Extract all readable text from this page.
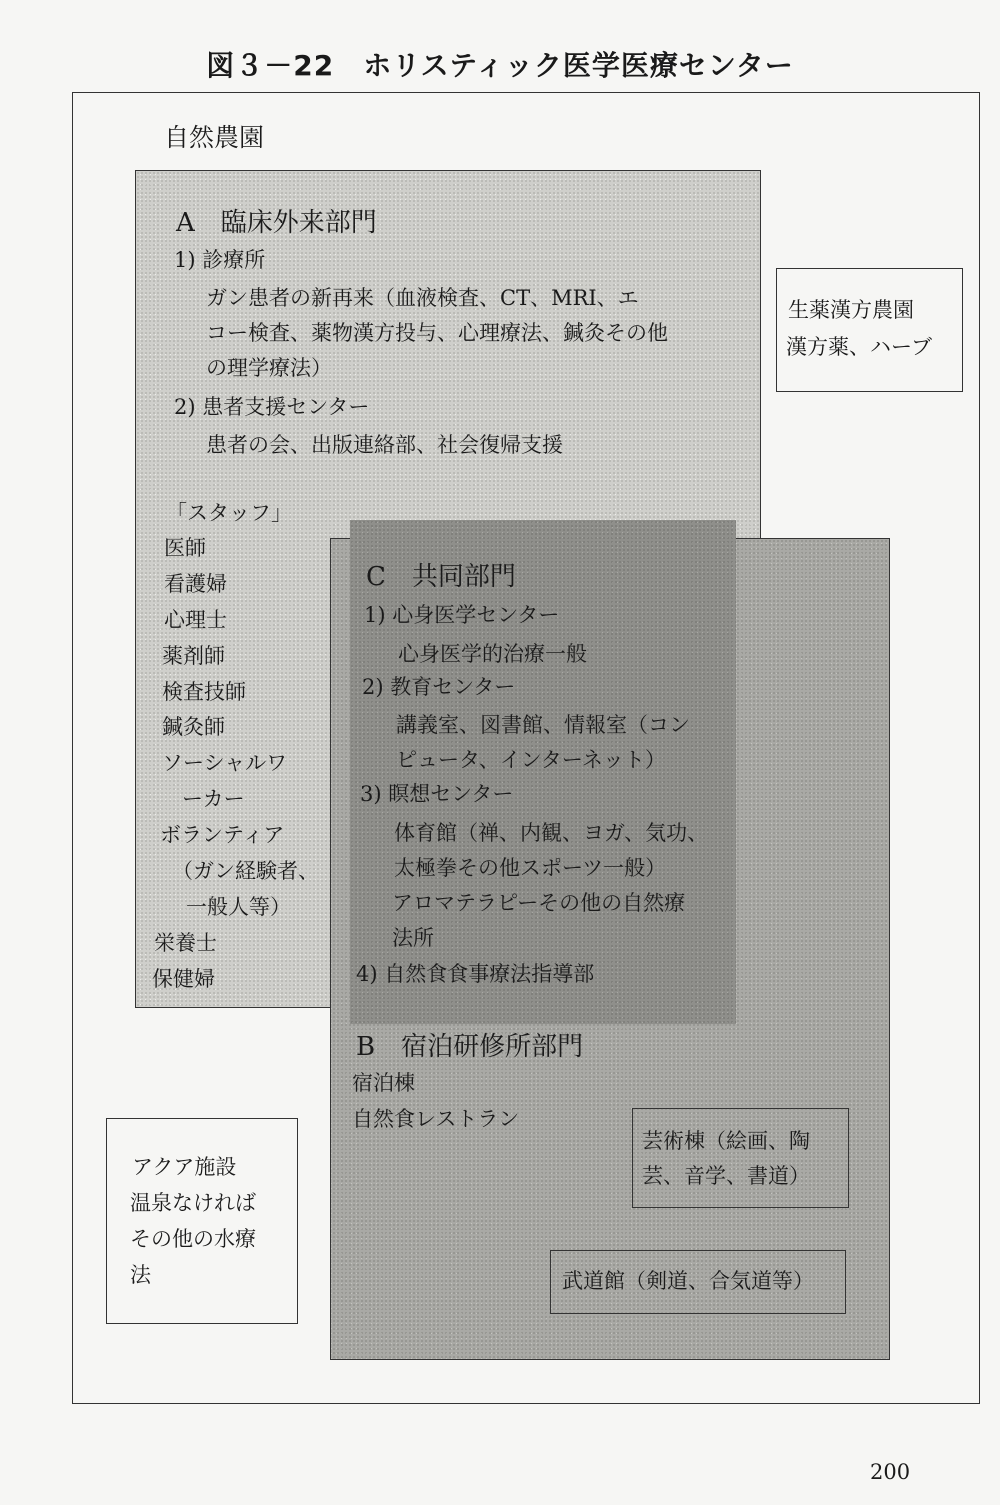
図３－22　ホリスティック医学医療センター
自然農園
A　臨床外来部門
1) 診療所
ガン患者の新再来（血液検査、CT、MRI、エ
コー検査、薬物漢方投与、心理療法、鍼灸その他
の理学療法）
2) 患者支援センター
患者の会、出版連絡部、社会復帰支援
「スタッフ」
医師
看護婦
心理士
薬剤師
検査技師
鍼灸師
ソーシャルワ
ーカー
ボランティア
（ガン経験者、
一般人等）
栄養士
保健婦
C　共同部門
1) 心身医学センター
心身医学的治療一般
2) 教育センター
講義室、図書館、情報室（コン
ピュータ、インターネット）
3) 瞑想センター
体育館（禅、内観、ヨガ、気功、
太極拳その他スポーツ一般）
アロマテラピーその他の自然療
法所
4) 自然食食事療法指導部
B　宿泊研修所部門
宿泊棟
自然食レストラン
生薬漢方農園
漢方薬、ハーブ
アクア施設
温泉なければ
その他の水療
法
芸術棟（絵画、陶
芸、音学、書道）
武道館（剣道、合気道等）
200
